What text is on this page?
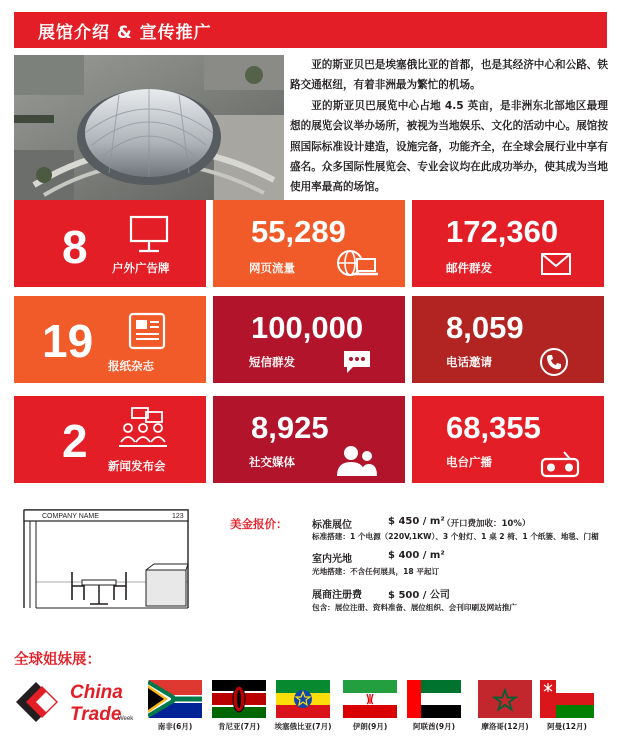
展馆介绍 & 宣传推广

亚的斯亚贝巴是埃塞俄比亚的首都，也是其经济中心和公路、铁路交通枢纽，有着非洲最为繁忙的机场。

亚的斯亚贝巴展览中心占地 4.5 英亩，是非洲东北部地区最理想的展览会议举办场所，被视为当地娱乐、文化的活动中心。展馆按照国际标准设计建造，设施完备，功能齐全，在全球会展行业中享有盛名。众多国际性展览会、专业会议均在此成功举办，使其成为当地使用率最高的场馆。

8 户外广告牌
55,289
网页流量
172,360
邮件群发
19 报纸杂志
100,000
短信群发
8,059
电话邀请
2 新闻发布会
8,925
社交媒体
68,355
电台广播
COMPANY NAME	123
美金报价： 标准展位	$ 450 / m²
（开口费加收：10%）
标准搭建：1 个电源（220V,1KW）、3 个射灯、1 桌 2 椅、1 个纸篓、地毯、门楣
室内光地	$ 400 / m²
光地搭建：不含任何展具，18 平起订
展商注册费	$ 500 / 公司
包含：展位注册、资料准备、展位组织、会刊印刷及网站推广
全球姐妹展：
China
Trade
Week
南非(6月)	肯尼亚(7月)	埃塞俄比亚(7月)	伊朗(9月)	阿联酋(9月)	摩洛哥(12月)	阿曼(12月)
